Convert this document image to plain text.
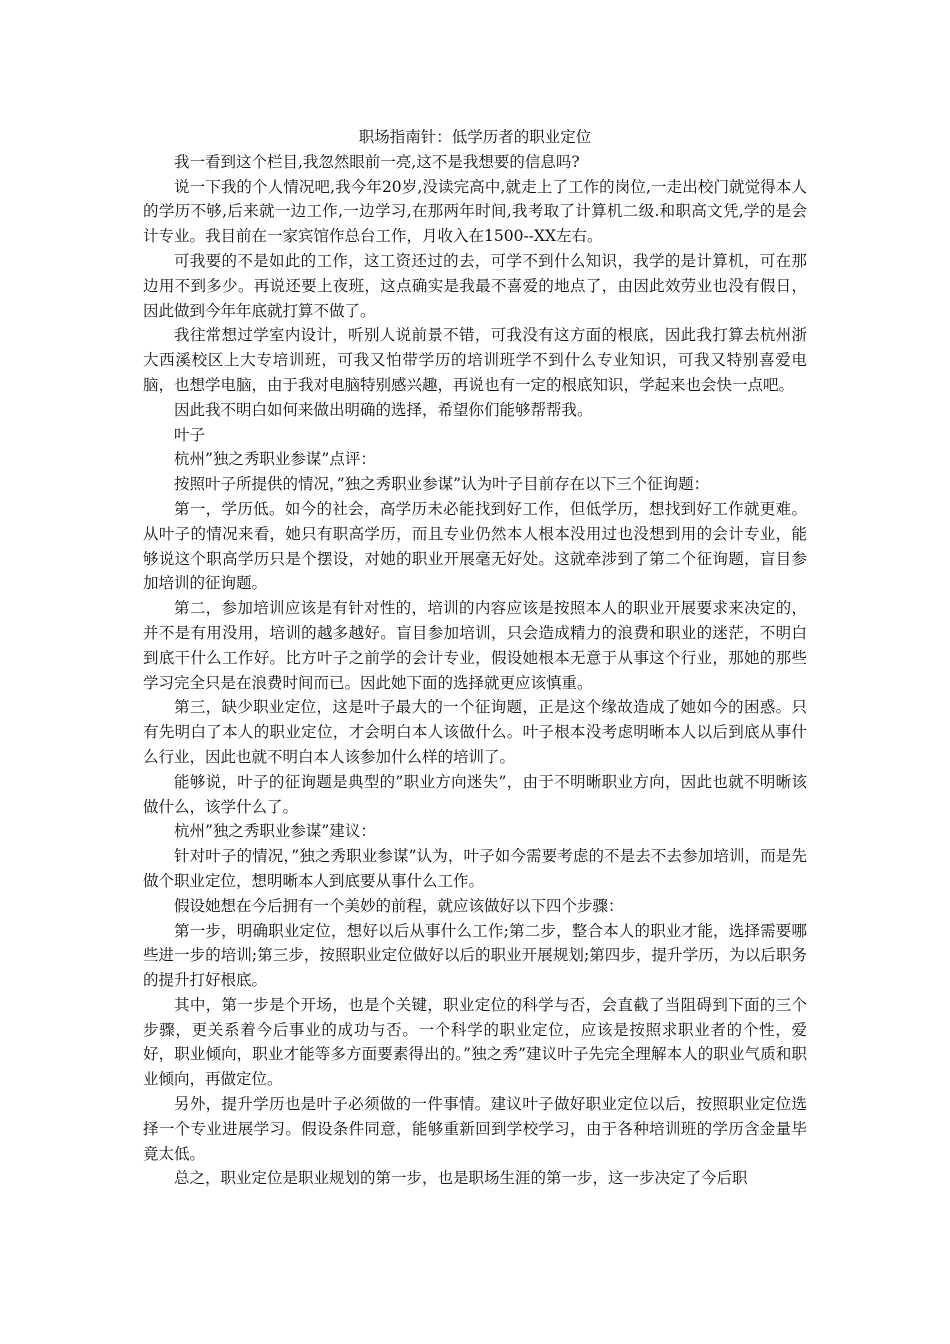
职场指南针：低学历者的职业定位

我一看到这个栏目,我忽然眼前一亮,这不是我想要的信息吗?

说一下我的个人情况吧,我今年20岁,没读完高中,就走上了工作的岗位,一走出校门就觉得本人的学历不够,后来就一边工作,一边学习,在那两年时间,我考取了计算机二级.和职高文凭,学的是会计专业。我目前在一家宾馆作总台工作，月收入在1500--XX左右。

可我要的不是如此的工作，这工资还过的去，可学不到什么知识，我学的是计算机，可在那边用不到多少。再说还要上夜班，这点确实是我最不喜爱的地点了，由因此效劳业也没有假日，因此做到今年年底就打算不做了。

我往常想过学室内设计，听别人说前景不错，可我没有这方面的根底，因此我打算去杭州浙大西溪校区上大专培训班，可我又怕带学历的培训班学不到什么专业知识，可我又特别喜爱电脑，也想学电脑，由于我对电脑特别感兴趣，再说也有一定的根底知识，学起来也会快一点吧。

因此我不明白如何来做出明确的选择，希望你们能够帮帮我。

叶子

杭州”独之秀职业参谋”点评：

按照叶子所提供的情况，”独之秀职业参谋”认为叶子目前存在以下三个征询题：

第一，学历低。如今的社会，高学历未必能找到好工作，但低学历，想找到好工作就更难。从叶子的情况来看，她只有职高学历，而且专业仍然本人根本没用过也没想到用的会计专业，能够说这个职高学历只是个摆设，对她的职业开展毫无好处。这就牵涉到了第二个征询题，盲目参加培训的征询题。

第二，参加培训应该是有针对性的，培训的内容应该是按照本人的职业开展要求来决定的，并不是有用没用，培训的越多越好。盲目参加培训，只会造成精力的浪费和职业的迷茫，不明白到底干什么工作好。比方叶子之前学的会计专业，假设她根本无意于从事这个行业，那她的那些学习完全只是在浪费时间而已。因此她下面的选择就更应该慎重。

第三，缺少职业定位，这是叶子最大的一个征询题，正是这个缘故造成了她如今的困惑。只有先明白了本人的职业定位，才会明白本人该做什么。叶子根本没考虑明晰本人以后到底从事什么行业，因此也就不明白本人该参加什么样的培训了。

能够说，叶子的征询题是典型的”职业方向迷失”，由于不明晰职业方向，因此也就不明晰该做什么，该学什么了。

杭州”独之秀职业参谋”建议：

针对叶子的情况，”独之秀职业参谋”认为，叶子如今需要考虑的不是去不去参加培训，而是先做个职业定位，想明晰本人到底要从事什么工作。

假设她想在今后拥有一个美妙的前程，就应该做好以下四个步骤：

第一步，明确职业定位，想好以后从事什么工作;第二步，整合本人的职业才能，选择需要哪些进一步的培训;第三步，按照职业定位做好以后的职业开展规划;第四步，提升学历，为以后职务的提升打好根底。

其中，第一步是个开场，也是个关键，职业定位的科学与否，会直截了当阻碍到下面的三个步骤，更关系着今后事业的成功与否。一个科学的职业定位，应该是按照求职业者的个性，爱好，职业倾向，职业才能等多方面要素得出的。”独之秀”建议叶子先完全理解本人的职业气质和职业倾向，再做定位。

另外，提升学历也是叶子必须做的一件事情。建议叶子做好职业定位以后，按照职业定位选择一个专业进展学习。假设条件同意，能够重新回到学校学习，由于各种培训班的学历含金量毕竟太低。

总之，职业定位是职业规划的第一步，也是职场生涯的第一步，这一步决定了今后职
